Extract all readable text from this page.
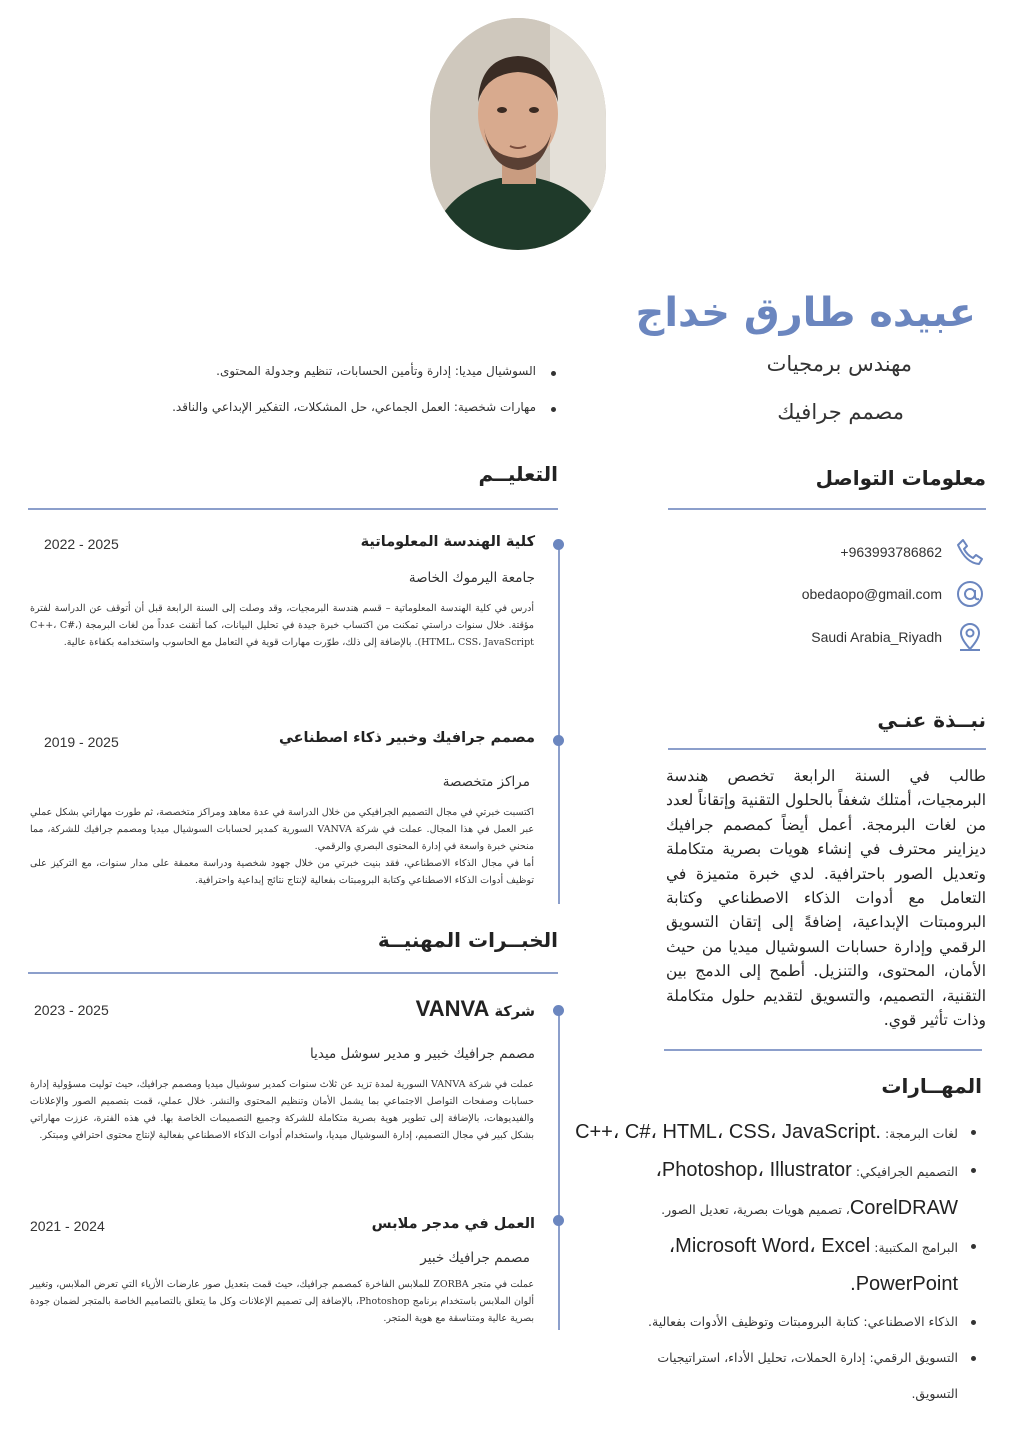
عبيده طارق خداج
مهندس برمجيات
مصمم جرافيك
السوشيال ميديا: إدارة وتأمين الحسابات، تنظيم وجدولة المحتوى.
مهارات شخصية: العمل الجماعي، حل المشكلات، التفكير الإبداعي والناقد.
معلومات التواصل
+963993786862
obedaopo@gmail.com
Saudi Arabia_Riyadh
نبــذة عنـي
طالب في السنة الرابعة تخصص هندسة البرمجيات، أمتلك شغفاً بالحلول التقنية وإتقاناً لعدد من لغات البرمجة. أعمل أيضاً كمصمم جرافيك ديزاينر محترف في إنشاء هويات بصرية متكاملة وتعديل الصور باحترافية. لدي خبرة متميزة في التعامل مع أدوات الذكاء الاصطناعي وكتابة البرومبتات الإبداعية، إضافةً إلى إتقان التسويق الرقمي وإدارة حسابات السوشيال ميديا من حيث الأمان، المحتوى، والتنزيل. أطمح إلى الدمج بين التقنية، التصميم، والتسويق لتقديم حلول متكاملة وذات تأثير قوي.
المهــارات
لغات البرمجة: C++، C#، HTML، CSS، JavaScript.
التصميم الجرافيكي: Photoshop، Illustrator،
CorelDRAW، تصميم هويات بصرية، تعديل الصور.
البرامج المكتبية: Microsoft Word، Excel،
PowerPoint.
الذكاء الاصطناعي: كتابة البرومبتات وتوظيف الأدوات بفعالية.
التسويق الرقمي: إدارة الحملات، تحليل الأداء، استراتيجيات
التسويق.
التعليــم
كلية الهندسة المعلوماتية
2025 - 2022
جامعة اليرموك الخاصة
أدرس في كلية الهندسة المعلوماتية – قسم هندسة البرمجيات، وقد وصلت إلى السنة الرابعة قبل أن أتوقف عن الدراسة لفترة مؤقتة. خلال سنوات دراستي تمكنت من اكتساب خبرة جيدة في تحليل البيانات، كما أتقنت عدداً من لغات البرمجة (C++، C#، HTML، CSS، JavaScript). بالإضافة إلى ذلك، طوّرت مهارات قوية في التعامل مع الحاسوب واستخدامه بكفاءة عالية.
مصمم جرافيك وخبير ذكاء اصطناعي
2025 - 2019
مراكز متخصصة
اكتسبت خبرتي في مجال التصميم الجرافيكي من خلال الدراسة في عدة معاهد ومراكز متخصصة، ثم طورت مهاراتي بشكل عملي عبر العمل في هذا المجال. عملت في شركة VANVA السورية كمدير لحسابات السوشيال ميديا ومصمم جرافيك للشركة، مما منحني خبرة واسعة في إدارة المحتوى البصري والرقمي.
أما في مجال الذكاء الاصطناعي، فقد بنيت خبرتي من خلال جهود شخصية ودراسة معمقة على مدار سنوات، مع التركيز على توظيف أدوات الذكاء الاصطناعي وكتابة البرومبتات بفعالية لإنتاج نتائج إبداعية واحترافية.
الخبــرات المهنيــة
شركة VANVA
2025 - 2023
مصمم جرافيك خبير و مدير سوشل ميديا
عملت في شركة VANVA السورية لمدة تزيد عن ثلاث سنوات كمدير سوشيال ميديا ومصمم جرافيك، حيث توليت مسؤولية إدارة حسابات وصفحات التواصل الاجتماعي بما يشمل الأمان وتنظيم المحتوى والنشر. خلال عملي، قمت بتصميم الصور والإعلانات والفيديوهات، بالإضافة إلى تطوير هوية بصرية متكاملة للشركة وجميع التصميمات الخاصة بها. في هذه الفترة، عززت مهاراتي بشكل كبير في مجال التصميم، إدارة السوشيال ميديا، واستخدام أدوات الذكاء الاصطناعي بفعالية لإنتاج محتوى احترافي ومبتكر.
العمل في مدجر ملابس
2024 - 2021
مصمم جرافيك خبير
عملت في متجر ZORBA للملابس الفاخرة كمصمم جرافيك، حيث قمت بتعديل صور عارضات الأزياء التي تعرض الملابس، وتغيير ألوان الملابس باستخدام برنامج Photoshop، بالإضافة إلى تصميم الإعلانات وكل ما يتعلق بالتصاميم الخاصة بالمتجر لضمان جودة بصرية عالية ومتناسقة مع هوية المتجر.
